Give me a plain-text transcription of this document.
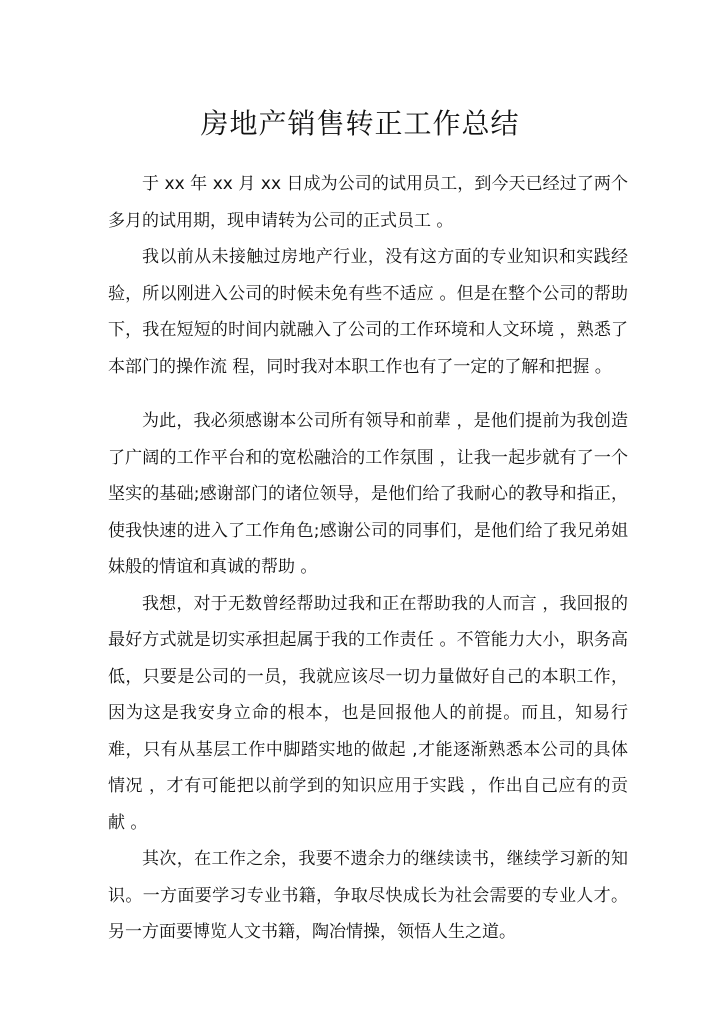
房地产销售转正工作总结

于 xx 年 xx 月 xx 日成为公司的试用员工，到今天已经过了两个多月的试用期，现申请转为公司的正式员工 。

我以前从未接触过房地产行业，没有这方面的专业知识和实践经验，所以刚进入公司的时候未免有些不适应 。但是在整个公司的帮助下，我在短短的时间内就融入了公司的工作环境和人文环境 ，熟悉了本部门的操作流 程，同时我对本职工作也有了一定的了解和把握 。

为此，我必须感谢本公司所有领导和前辈 ，是他们提前为我创造了广阔的工作平台和的宽松融洽的工作氛围 ，让我一起步就有了一个坚实的基础;感谢部门的诸位领导，是他们给了我耐心的教导和指正，使我快速的进入了工作角色;感谢公司的同事们，是他们给了我兄弟姐妹般的情谊和真诚的帮助 。

我想，对于无数曾经帮助过我和正在帮助我的人而言 ，我回报的最好方式就是切实承担起属于我的工作责任 。不管能力大小，职务高低，只要是公司的一员，我就应该尽一切力量做好自己的本职工作，因为这是我安身立命的根本，也是回报他人的前提。而且，知易行难，只有从基层工作中脚踏实地的做起 ,才能逐渐熟悉本公司的具体情况 ，才有可能把以前学到的知识应用于实践 ，作出自己应有的贡献 。

其次，在工作之余，我要不遗余力的继续读书，继续学习新的知识。一方面要学习专业书籍，争取尽快成长为社会需要的专业人才。另一方面要博览人文书籍，陶冶情操，领悟人生之道。
